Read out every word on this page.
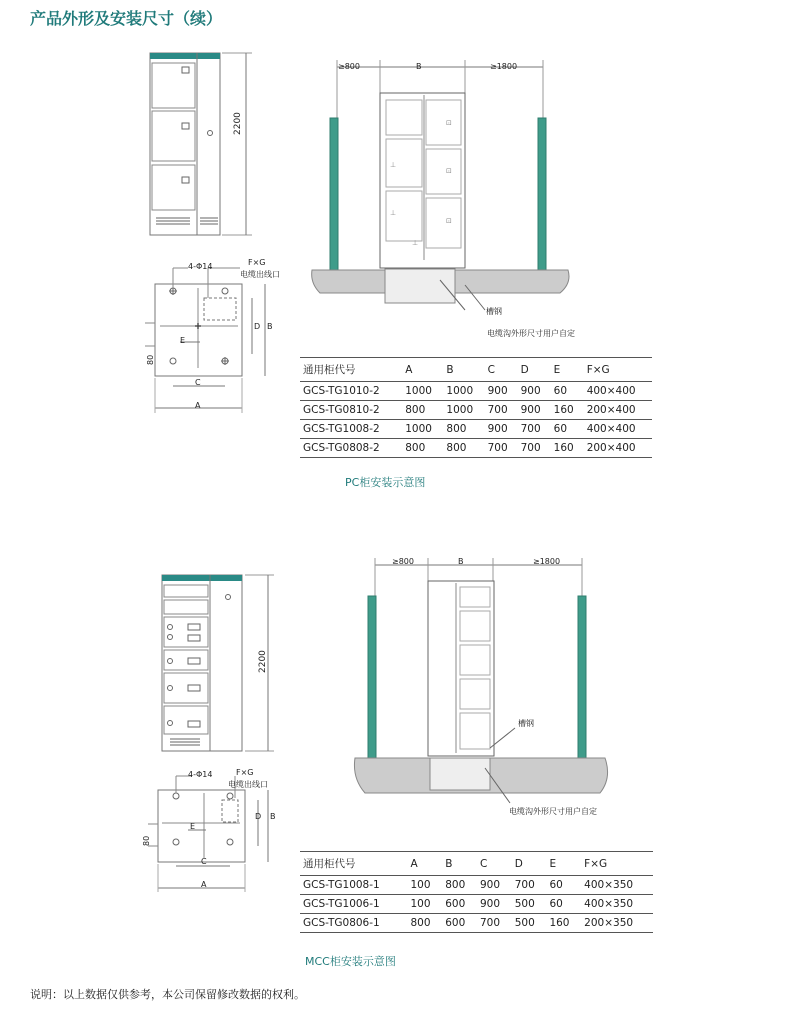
产品外形及安装尺寸（续）
2200
4-Φ14	F×G
电缆出线口
E
C
A
D B
80
⊥
⊥
⊥
⊡
⊡
⊡
≥800	B	≥1800
槽钢
电缆沟外形尺寸用户自定
通用柜代号	A	B	C	D	E	F×G
GCS-TG1010-2	1000	1000	900	900	60	400×400
GCS-TG0810-2	800	1000	700	900	160	200×400
GCS-TG1008-2	1000	800	900	700	60	400×400
GCS-TG0808-2	800	800	700	700	160	200×400
PC柜安装示意图
2200
4-Φ14	F×G
电缆出线口
E
C
A
D B
80
≥800	B	≥1800
槽钢
电缆沟外形尺寸用户自定
通用柜代号	A	B	C	D	E	F×G
GCS-TG1008-1	100	800	900	700	60	400×350
GCS-TG1006-1	100	600	900	500	60	400×350
GCS-TG0806-1	800	600	700	500	160	200×350
MCC柜安装示意图
说明：以上数据仅供参考，本公司保留修改数据的权利。
